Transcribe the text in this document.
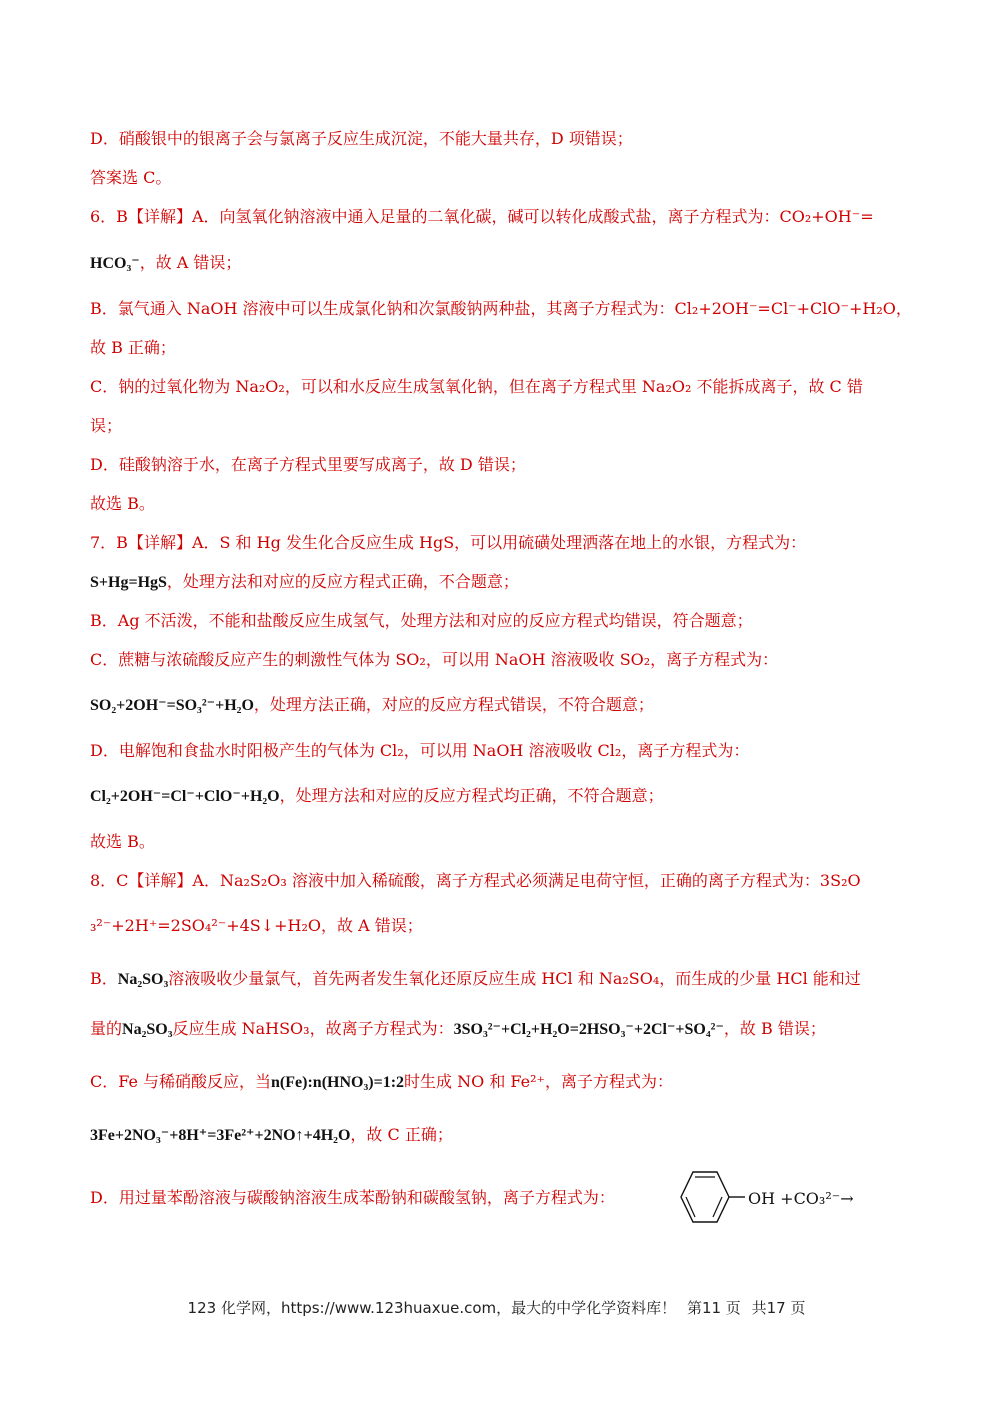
D．硝酸银中的银离子会与氯离子反应生成沉淀，不能大量共存，D 项错误；
答案选 C。
6．B【详解】A．向氢氧化钠溶液中通入足量的二氧化碳，碱可以转化成酸式盐，离子方程式为：CO₂+OH⁻=
HCO₃⁻，故 A 错误；
B．氯气通入 NaOH 溶液中可以生成氯化钠和次氯酸钠两种盐，其离子方程式为：Cl₂+2OH⁻=Cl⁻+ClO⁻+H₂O，
故 B 正确；
C．钠的过氧化物为 Na₂O₂，可以和水反应生成氢氧化钠，但在离子方程式里 Na₂O₂ 不能拆成离子，故 C 错
误；
D．硅酸钠溶于水，在离子方程式里要写成离子，故 D 错误；
故选 B。
7．B【详解】A．S 和 Hg 发生化合反应生成 HgS，可以用硫磺处理洒落在地上的水银，方程式为：
S+Hg=HgS，处理方法和对应的反应方程式正确，不合题意；
B．Ag 不活泼，不能和盐酸反应生成氢气，处理方法和对应的反应方程式均错误，符合题意；
C．蔗糖与浓硫酸反应产生的刺激性气体为 SO₂，可以用 NaOH 溶液吸收 SO₂，离子方程式为：
SO₂+2OH⁻=SO₃²⁻+H₂O，处理方法正确，对应的反应方程式错误，不符合题意；
D．电解饱和食盐水时阳极产生的气体为 Cl₂，可以用 NaOH 溶液吸收 Cl₂，离子方程式为：
Cl₂+2OH⁻=Cl⁻+ClO⁻+H₂O，处理方法和对应的反应方程式均正确，不符合题意；
故选 B。
8．C【详解】A．Na₂S₂O₃ 溶液中加入稀硫酸，离子方程式必须满足电荷守恒，正确的离子方程式为：3S₂O
₃²⁻+2H⁺=2SO₄²⁻+4S↓+H₂O，故 A 错误；
B．Na₂SO₃溶液吸收少量氯气，首先两者发生氧化还原反应生成 HCl 和 Na₂SO₄，而生成的少量 HCl 能和过
量的Na₂SO₃反应生成 NaHSO₃，故离子方程式为：3SO₃²⁻+Cl₂+H₂O=2HSO₃⁻+2Cl⁻+SO₄²⁻，故 B 错误；
C．Fe 与稀硝酸反应，当n(Fe):n(HNO₃)=1:2时生成 NO 和 Fe²⁺，离子方程式为：
3Fe+2NO₃⁻+8H⁺=3Fe²⁺+2NO↑+4H₂O，故 C 正确；
D．用过量苯酚溶液与碳酸钠溶液生成苯酚钠和碳酸氢钠，离子方程式为：	OH +CO₃²⁻→
123 化学网，https://www.123huaxue.com，最大的中学化学资料库！ 第11 页 共17 页
